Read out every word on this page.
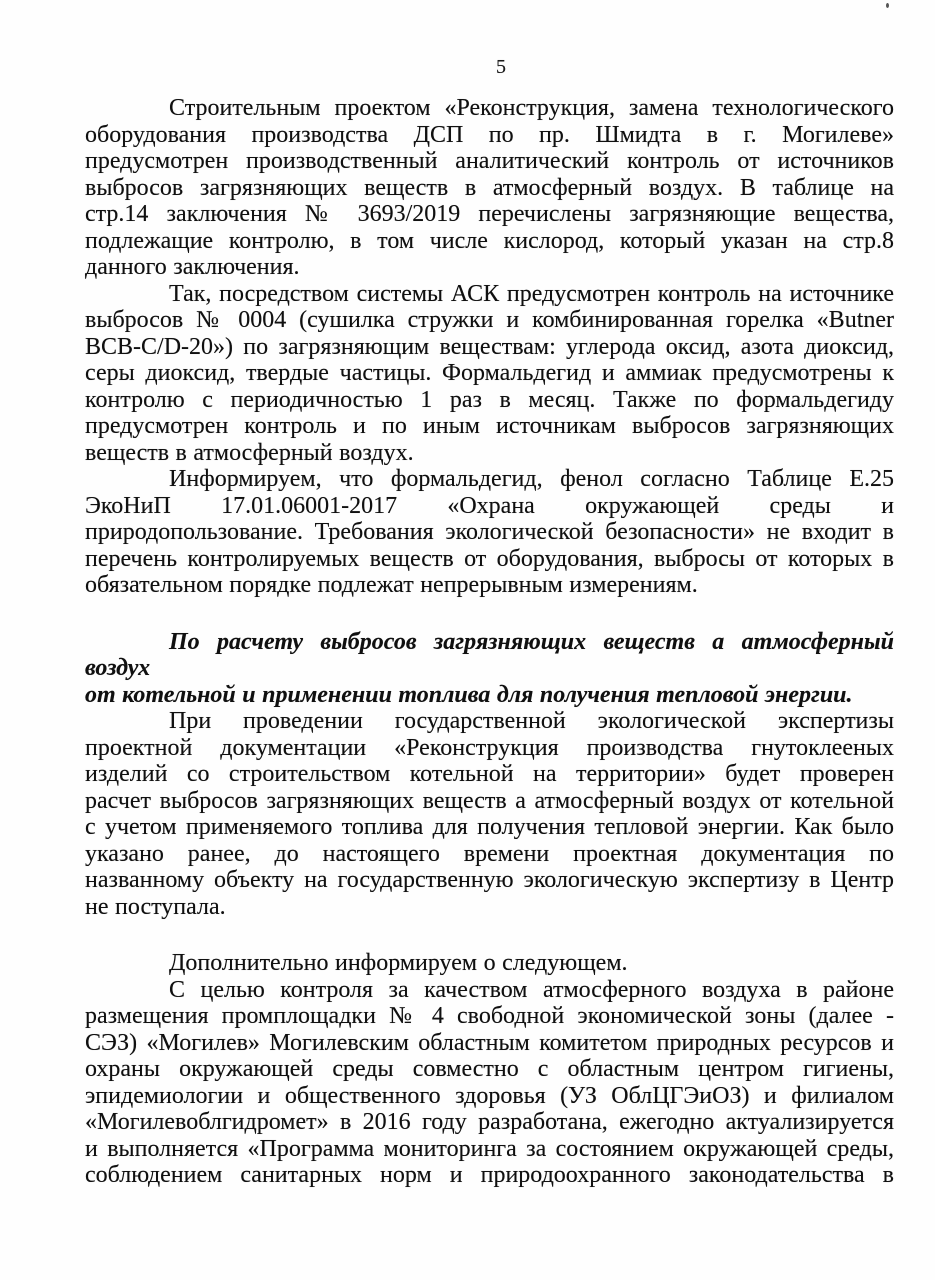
5
Строительным проектом «Реконструкция, замена технологического
оборудования производства ДСП по пр. Шмидта в г. Могилеве»
предусмотрен производственный аналитический контроль от источников
выбросов загрязняющих веществ в атмосферный воздух. В таблице на
стр.14 заключения № 3693/2019 перечислены загрязняющие вещества,
подлежащие контролю, в том числе кислород, который указан на стр.8
данного заключения.
Так, посредством системы АСК предусмотрен контроль на источнике
выбросов № 0004 (сушилка стружки и комбинированная горелка «Butner
BCB-C/D-20») по загрязняющим веществам: углерода оксид, азота диоксид,
серы диоксид, твердые частицы. Формальдегид и аммиак предусмотрены к
контролю с периодичностью 1 раз в месяц. Также по формальдегиду
предусмотрен контроль и по иным источникам выбросов загрязняющих
веществ в атмосферный воздух.
Информируем, что формальдегид, фенол согласно Таблице Е.25
ЭкоНиП 17.01.06001-2017 «Охрана окружающей среды и
природопользование. Требования экологической безопасности» не входит в
перечень контролируемых веществ от оборудования, выбросы от которых в
обязательном порядке подлежат непрерывным измерениям.
По расчету выбросов загрязняющих веществ а атмосферный воздух
от котельной и применении топлива для получения тепловой энергии.
При проведении государственной экологической экспертизы
проектной документации «Реконструкция производства гнутоклееных
изделий со строительством котельной на территории» будет проверен
расчет выбросов загрязняющих веществ а атмосферный воздух от котельной
с учетом применяемого топлива для получения тепловой энергии. Как было
указано ранее, до настоящего времени проектная документация по
названному объекту на государственную экологическую экспертизу в Центр
не поступала.
Дополнительно информируем о следующем.
С целью контроля за качеством атмосферного воздуха в районе
размещения промплощадки № 4 свободной экономической зоны (далее -
СЭЗ) «Могилев» Могилевским областным комитетом природных ресурсов и
охраны окружающей среды совместно с областным центром гигиены,
эпидемиологии и общественного здоровья (УЗ ОблЦГЭиОЗ) и филиалом
«Могилевоблгидромет» в 2016 году разработана, ежегодно актуализируется
и выполняется «Программа мониторинга за состоянием окружающей среды,
соблюдением санитарных норм и природоохранного законодательства в
